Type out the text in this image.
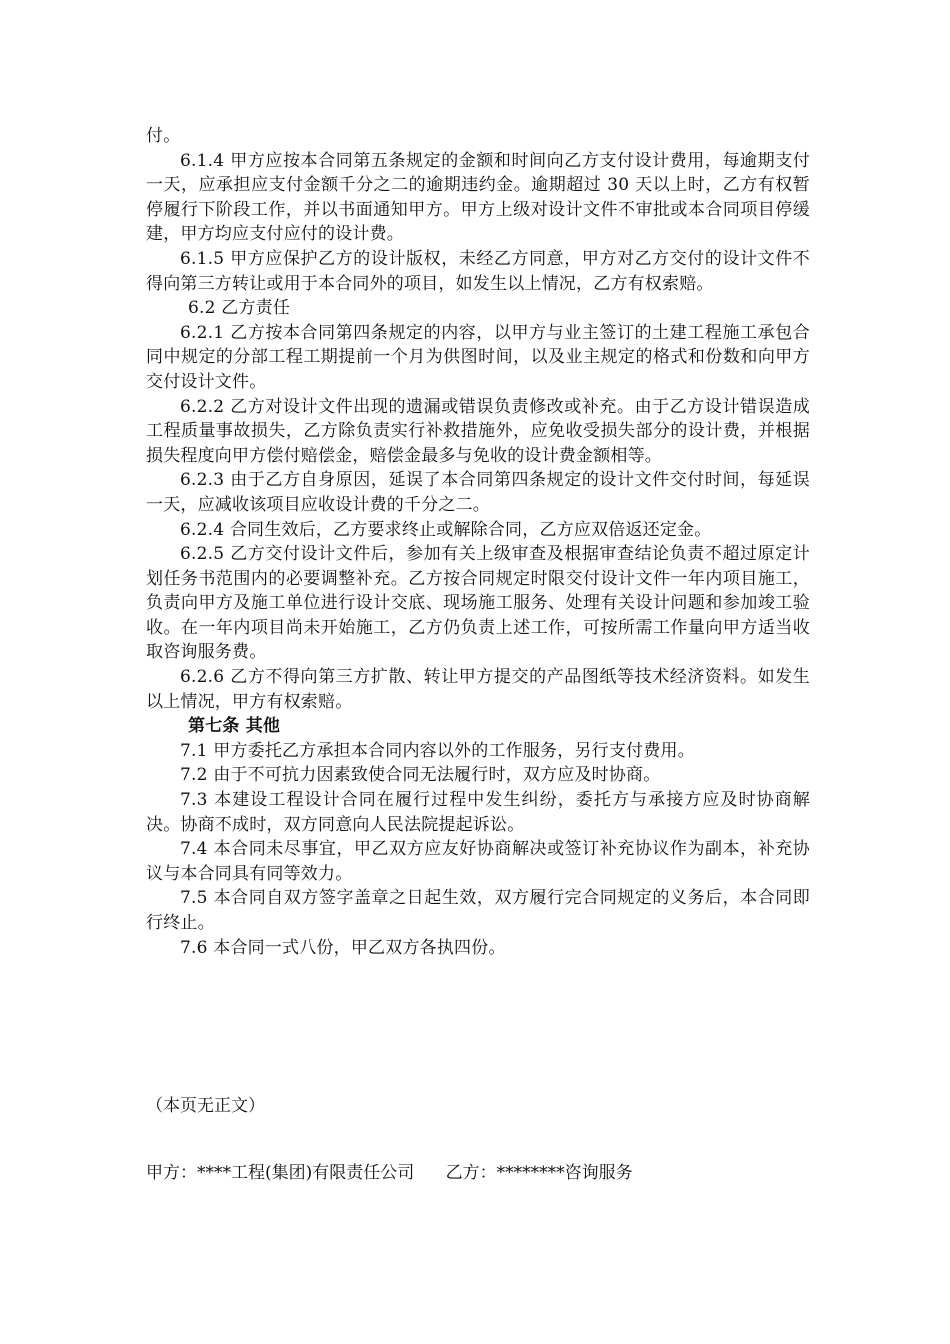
付。

6.1.4 甲方应按本合同第五条规定的金额和时间向乙方支付设计费用，每逾期支付一天，应承担应支付金额千分之二的逾期违约金。逾期超过 30 天以上时，乙方有权暂停履行下阶段工作，并以书面通知甲方。甲方上级对设计文件不审批或本合同项目停缓建，甲方均应支付应付的设计费。

6.1.5 甲方应保护乙方的设计版权，未经乙方同意，甲方对乙方交付的设计文件不得向第三方转让或用于本合同外的项目，如发生以上情况，乙方有权索赔。

6.2 乙方责任

6.2.1 乙方按本合同第四条规定的内容，以甲方与业主签订的土建工程施工承包合同中规定的分部工程工期提前一个月为供图时间，以及业主规定的格式和份数和向甲方交付设计文件。

6.2.2 乙方对设计文件出现的遗漏或错误负责修改或补充。由于乙方设计错误造成工程质量事故损失，乙方除负责实行补救措施外，应免收受损失部分的设计费，并根据损失程度向甲方偿付赔偿金，赔偿金最多与免收的设计费金额相等。

6.2.3 由于乙方自身原因，延误了本合同第四条规定的设计文件交付时间，每延误一天，应减收该项目应收设计费的千分之二。

6.2.4 合同生效后，乙方要求终止或解除合同，乙方应双倍返还定金。

6.2.5 乙方交付设计文件后，参加有关上级审查及根据审查结论负责不超过原定计划任务书范围内的必要调整补充。乙方按合同规定时限交付设计文件一年内项目施工，负责向甲方及施工单位进行设计交底、现场施工服务、处理有关设计问题和参加竣工验收。在一年内项目尚未开始施工，乙方仍负责上述工作，可按所需工作量向甲方适当收取咨询服务费。

6.2.6 乙方不得向第三方扩散、转让甲方提交的产品图纸等技术经济资料。如发生以上情况，甲方有权索赔。

第七条 其他

7.1 甲方委托乙方承担本合同内容以外的工作服务，另行支付费用。

7.2 由于不可抗力因素致使合同无法履行时，双方应及时协商。

7.3 本建设工程设计合同在履行过程中发生纠纷，委托方与承接方应及时协商解决。协商不成时，双方同意向人民法院提起诉讼。

7.4 本合同未尽事宜，甲乙双方应友好协商解决或签订补充协议作为副本，补充协议与本合同具有同等效力。

7.5 本合同自双方签字盖章之日起生效，双方履行完合同规定的义务后，本合同即行终止。

7.6 本合同一式八份，甲乙双方各执四份。

（本页无正文）
甲方：****工程(集团)有限责任公司 乙方：********咨询服务
